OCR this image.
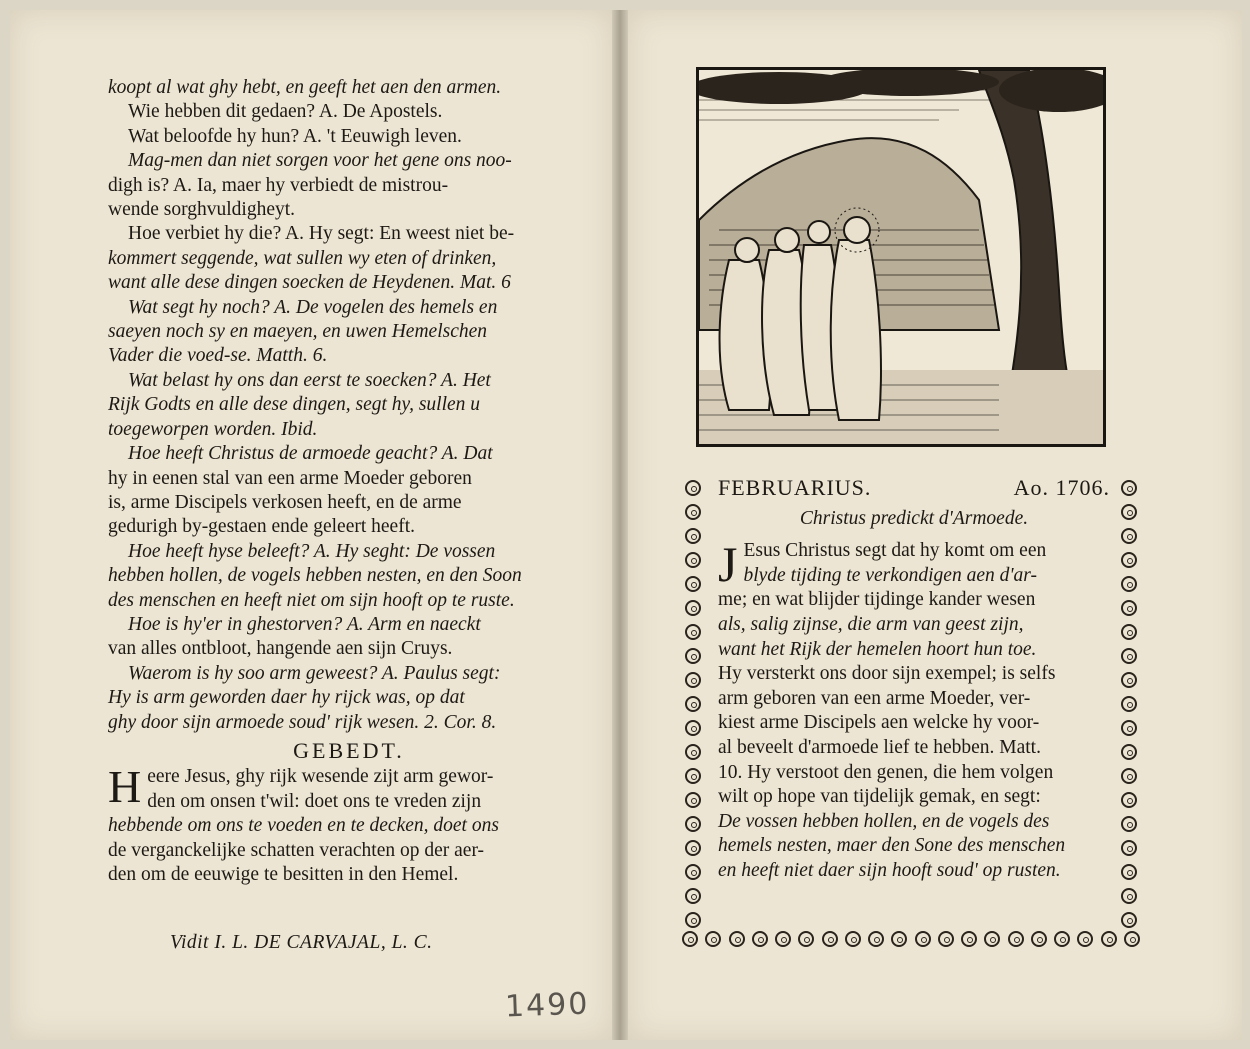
koopt al wat ghy hebt, en geeft het aen den armen.
Wie hebben dit gedaen? A. De Apostels.
Wat beloofde hy hun? A. 't Eeuwigh leven.
Mag-men dan niet sorgen voor het gene ons noo-
digh is? A. Ia, maer hy verbiedt de mistrou-
wende sorghvuldigheyt.
Hoe verbiet hy die? A. Hy segt: En weest niet be-
kommert seggende, wat sullen wy eten of drinken,
want alle dese dingen soecken de Heydenen. Mat. 6
Wat segt hy noch? A. De vogelen des hemels en
saeyen noch sy en maeyen, en uwen Hemelschen
Vader die voed-se. Matth. 6.
Wat belast hy ons dan eerst te soecken? A. Het
Rijk Godts en alle dese dingen, segt hy, sullen u
toegeworpen worden. Ibid.
Hoe heeft Christus de armoede geacht? A. Dat
hy in eenen stal van een arme Moeder geboren
is, arme Discipels verkosen heeft, en de arme
gedurigh by-gestaen ende geleert heeft.
Hoe heeft hyse beleeft? A. Hy seght: De vossen
hebben hollen, de vogels hebben nesten, en den Soon
des menschen en heeft niet om sijn hooft op te ruste.
Hoe is hy'er in ghestorven? A. Arm en naeckt
van alles ontbloot, hangende aen sijn Cruys.
Waerom is hy soo arm geweest? A. Paulus segt:
Hy is arm geworden daer hy rijck was, op dat
ghy door sijn armoede soud' rijk wesen. 2. Cor. 8.
GEBEDT.
H eere Jesus, ghy rijk wesende zijt arm gewor-
den om onsen t'wil: doet ons te vreden zijn
hebbende om ons te voeden en te decken, doet ons
de verganckelijke schatten verachten op der aer-
den om de eeuwige te besitten in den Hemel.
Vidit I. L. DE CARVAJAL, L. C.
1490
FEBRUARIUS.	Ao. 1706.
Christus predickt d'Armoede.
J Esus Christus segt dat hy komt om een
blyde tijding te verkondigen aen d'ar-
me; en wat blijder tijdinge kander wesen
als, salig zijnse, die arm van geest zijn,
want het Rijk der hemelen hoort hun toe.
Hy versterkt ons door sijn exempel; is selfs
arm geboren van een arme Moeder, ver-
kiest arme Discipels aen welcke hy voor-
al beveelt d'armoede lief te hebben. Matt.
10. Hy verstoot den genen, die hem volgen
wilt op hope van tijdelijk gemak, en segt:
De vossen hebben hollen, en de vogels des
hemels nesten, maer den Sone des menschen
en heeft niet daer sijn hooft soud' op rusten.
